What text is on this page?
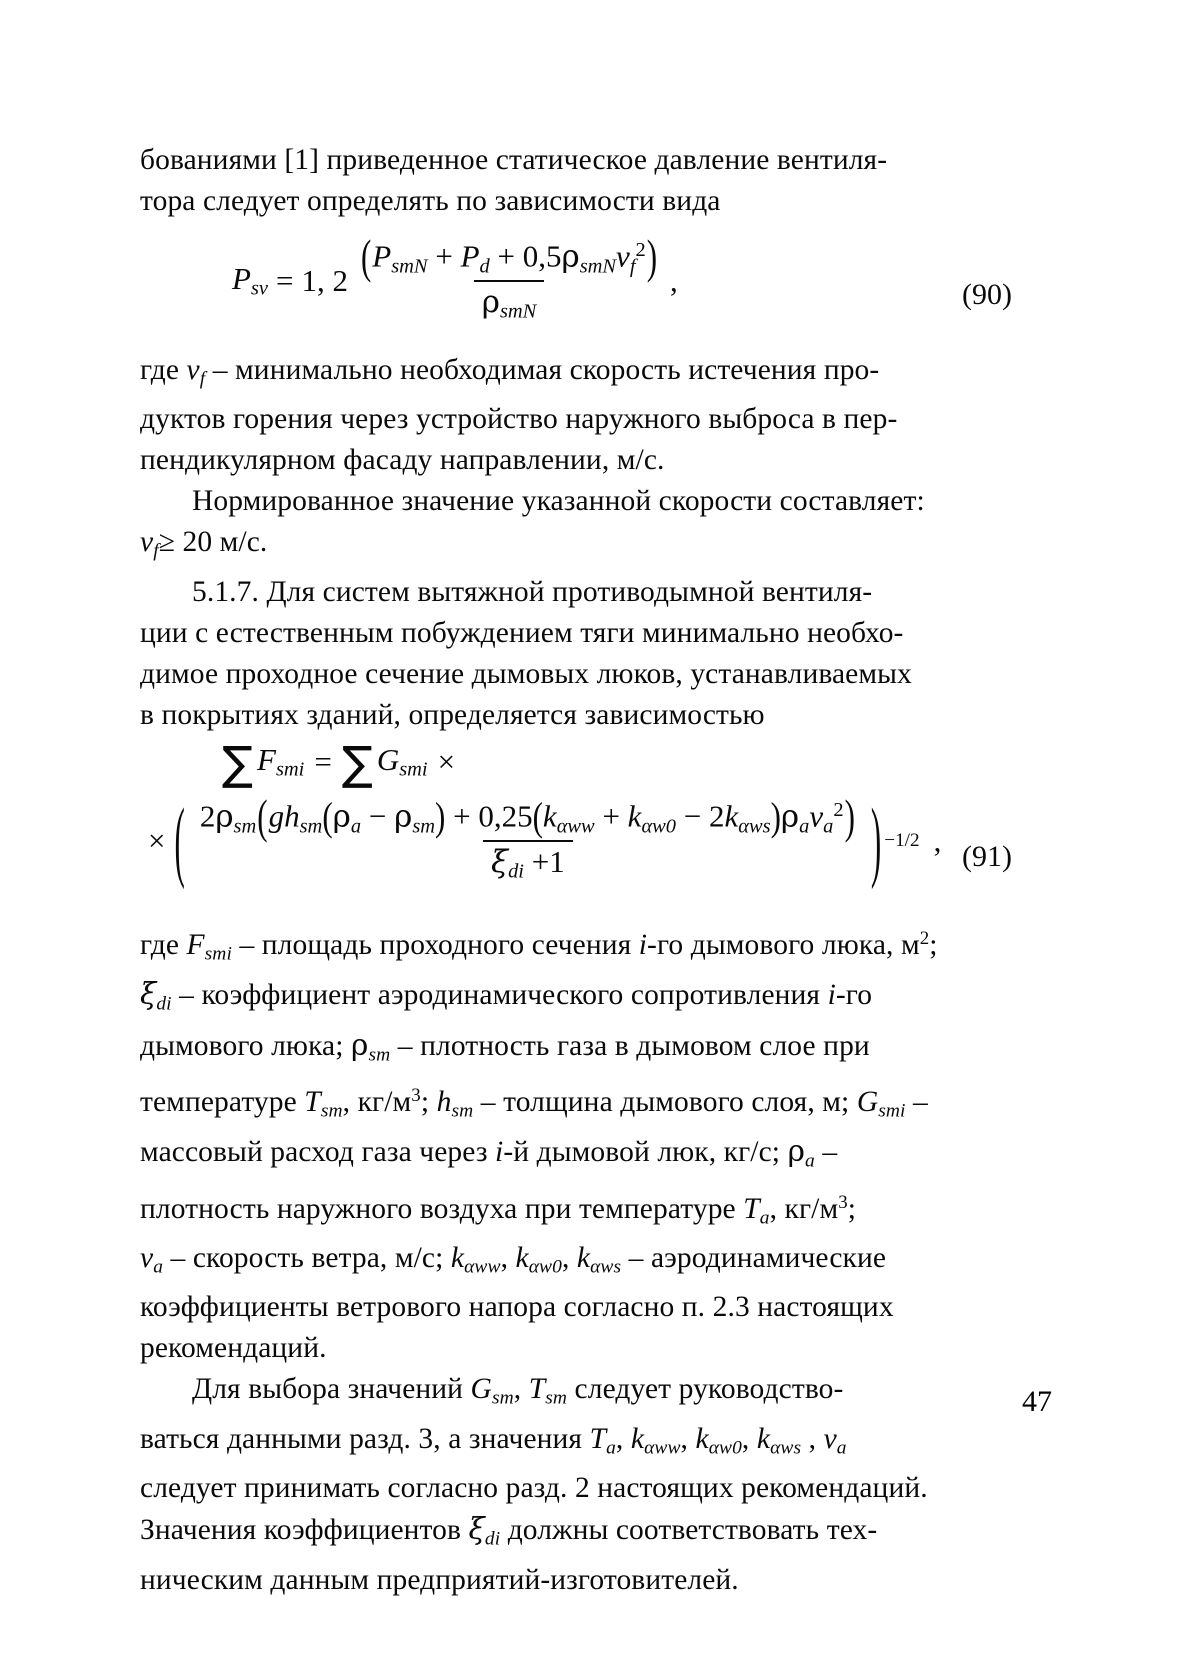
бованиями [1] приведенное статическое давление вентиля-
тора следует определять по зависимости вида

$P_{sv} = 1$, $2 \frac{(P_{smN} + P_d + 0,5\rho_{smN}v_f^2)}{\rho_{smN}}$ ,	(90)

где $v_f$ – минимально необходимая скорость истечения про-
дуктов горения через устройство наружного выброса в пер-
пендикулярном фасаду направлении, м/с.

Нормированное значение указанной скорости составляет:
$v_f\ge 20$ м/с.

5.1.7. Для систем вытяжной противодымной вентиля-
ции с естественным побуждением тяги минимально необхо-
димое проходное сечение дымовых люков, устанавливаемых
в покрытиях зданий, определяется зависимостью

∑ $F_{smi}$ = ∑ $G_{smi}$ ×
× ( $\frac{2\rho_{sm}(gh_{sm}(\rho_a - \rho_{sm}) + 0,25(k_{\alpha ww} + k_{\alpha w0} - 2k_{\alpha ws})\rho_av_a^2)}{\xi_{di} +1}$ ) −1/2 , (91)

где $F_{smi}$ – площадь проходного сечения i-го дымового люка, $м^2$;
$\xi_{di}$ – коэффициент аэродинамического сопротивления i-го
дымового люка; $\rho_{sm}$ – плотность газа в дымовом слое при
температуре $T_{sm}$, $кг/м^3$; $h_{sm}$ – толщина дымового слоя, м; $G_{smi}$ –
массовый расход газа через i-й дымовой люк, кг/с; $\rho_a$ –
плотность наружного воздуха при температуре $T_a$, $кг/м^3$;
$v_a$ – скорость ветра, м/с; $k_{\alpha ww}$, $k_{\alpha w0}$, $k_{\alpha ws}$ – аэродинамические
коэффициенты ветрового напора согласно п. 2.3 настоящих
рекомендаций.

Для выбора значений $G_{sm}$, $T_{sm}$ следует руководство-
ваться данными разд. 3, а значения $T_a$, $k_{\alpha ww}$, $k_{\alpha w0}$, $k_{\alpha ws}$ , $v_a$
следует принимать согласно разд. 2 настоящих рекомендаций.
Значения коэффициентов $\xi_{di}$ должны соответствовать тех-
ническим данным предприятий-изготовителей.

47
